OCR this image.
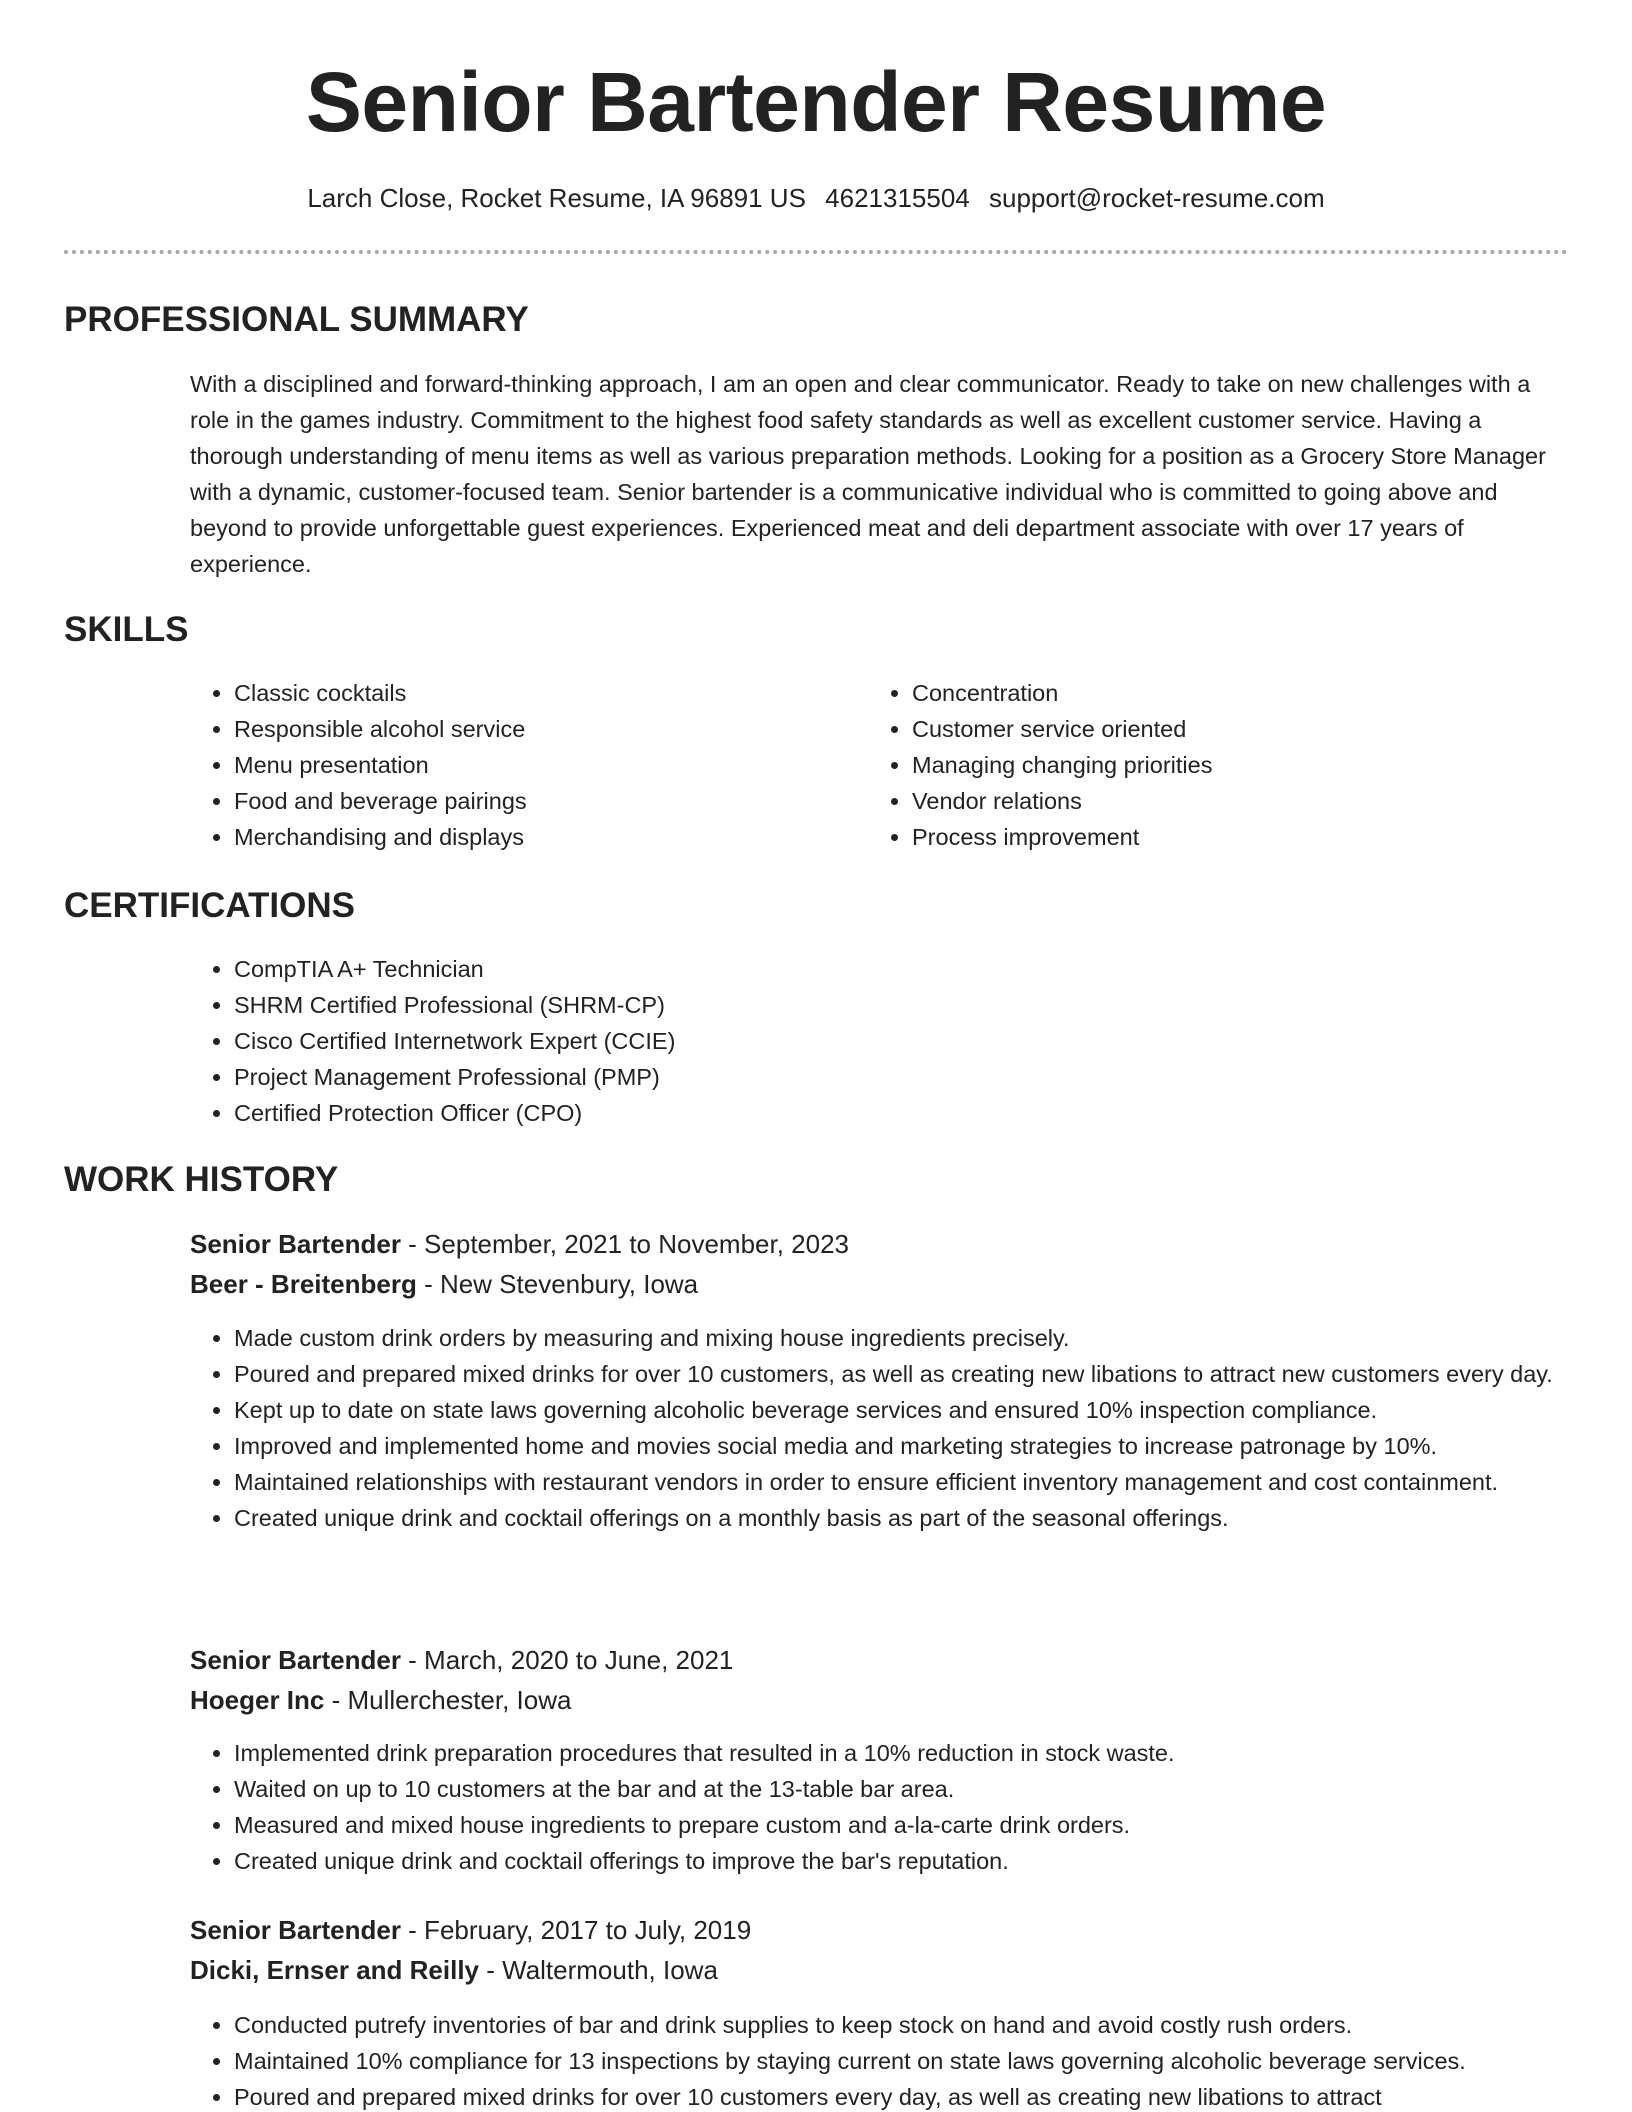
Senior Bartender Resume
Larch Close, Rocket Resume, IA 96891 US 4621315504 support@rocket-resume.com
PROFESSIONAL SUMMARY
With a disciplined and forward-thinking approach, I am an open and clear communicator. Ready to take on new challenges with a role in the games industry. Commitment to the highest food safety standards as well as excellent customer service. Having a thorough understanding of menu items as well as various preparation methods. Looking for a position as a Grocery Store Manager with a dynamic, customer-focused team. Senior bartender is a communicative individual who is committed to going above and beyond to provide unforgettable guest experiences. Experienced meat and deli department associate with over 17 years of experience.
SKILLS
• Classic cocktails
• Responsible alcohol service
• Menu presentation
• Food and beverage pairings
• Merchandising and displays
• Concentration
• Customer service oriented
• Managing changing priorities
• Vendor relations
• Process improvement
CERTIFICATIONS
• CompTIA A+ Technician
• SHRM Certified Professional (SHRM-CP)
• Cisco Certified Internetwork Expert (CCIE)
• Project Management Professional (PMP)
• Certified Protection Officer (CPO)
WORK HISTORY
Senior Bartender - September, 2021 to November, 2023
Beer - Breitenberg - New Stevenbury, Iowa
• Made custom drink orders by measuring and mixing house ingredients precisely.
• Poured and prepared mixed drinks for over 10 customers, as well as creating new libations to attract new customers every day.
• Kept up to date on state laws governing alcoholic beverage services and ensured 10% inspection compliance.
• Improved and implemented home and movies social media and marketing strategies to increase patronage by 10%.
• Maintained relationships with restaurant vendors in order to ensure efficient inventory management and cost containment.
• Created unique drink and cocktail offerings on a monthly basis as part of the seasonal offerings.
Senior Bartender - March, 2020 to June, 2021
Hoeger Inc - Mullerchester, Iowa
• Implemented drink preparation procedures that resulted in a 10% reduction in stock waste.
• Waited on up to 10 customers at the bar and at the 13-table bar area.
• Measured and mixed house ingredients to prepare custom and a-la-carte drink orders.
• Created unique drink and cocktail offerings to improve the bar's reputation.
Senior Bartender - February, 2017 to July, 2019
Dicki, Ernser and Reilly - Waltermouth, Iowa
• Conducted putrefy inventories of bar and drink supplies to keep stock on hand and avoid costly rush orders.
• Maintained 10% compliance for 13 inspections by staying current on state laws governing alcoholic beverage services.
• Poured and prepared mixed drinks for over 10 customers every day, as well as creating new libations to attract
